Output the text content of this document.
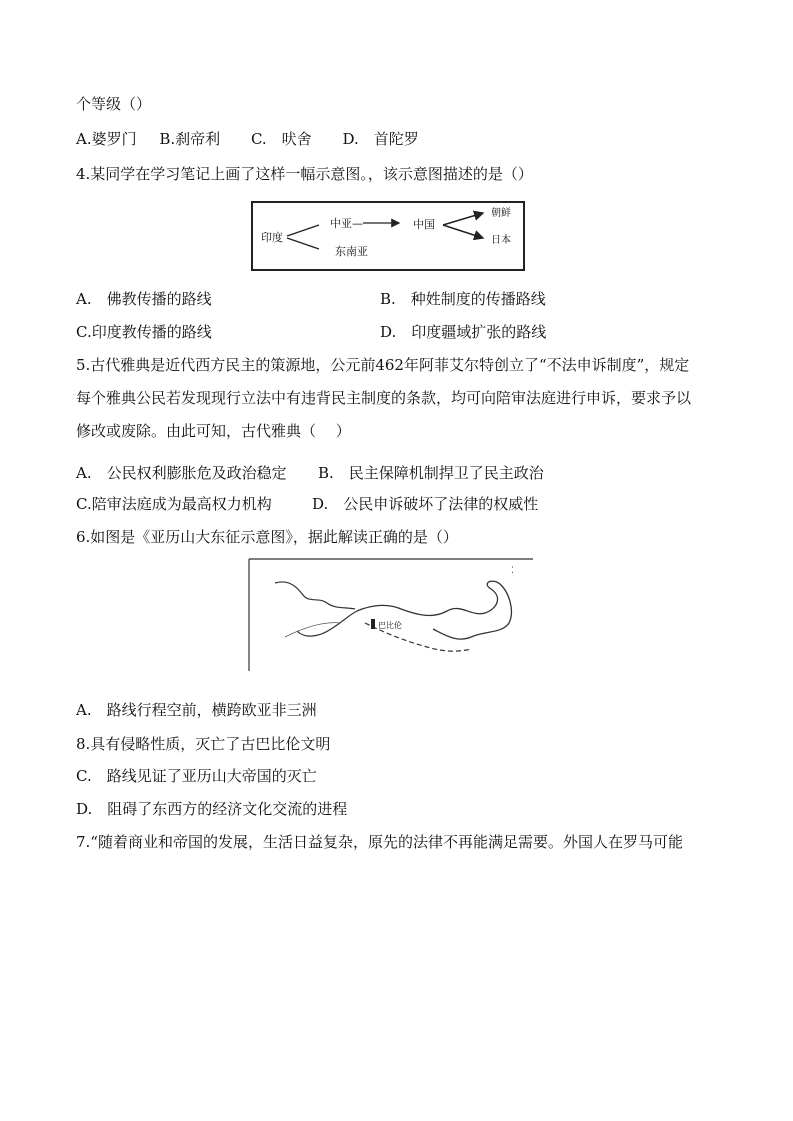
个等级（）
A.婆罗门 B.刹帝利 C.　吠舍 D.　首陀罗
4.某同学在学习笔记上画了这样一幅示意图。，该示意图描述的是（）
印度
中亚—
东南亚
中国
朝鲜
日本
A.　佛教传播的路线	B.　种姓制度的传播路线
C.印度教传播的路线	D.　印度疆域扩张的路线
5.古代雅典是近代西方民主的策源地，公元前462年阿菲艾尔特创立了“不法申诉制度”，规定
每个雅典公民若发现现行立法中有违背民主制度的条款，均可向陪审法庭进行申诉，要求予以
修改或废除。由此可知，古代雅典（　 ）
A.　公民权利膨胀危及政治稳定 B.　民主保障机制捍卫了民主政治
C.陪审法庭成为最高权力机构	D.　公民申诉破坏了法律的权威性
6.如图是《亚历山大东征示意图》，据此解读正确的是（）
巴比伦
⁚
A.　路线行程空前，横跨欧亚非三洲
8.具有侵略性质，灭亡了古巴比伦文明
C.　路线见证了亚历山大帝国的灭亡
D.　阻碍了东西方的经济文化交流的进程
7.“随着商业和帝国的发展，生活日益复杂，原先的法律不再能满足需要。外国人在罗马可能
